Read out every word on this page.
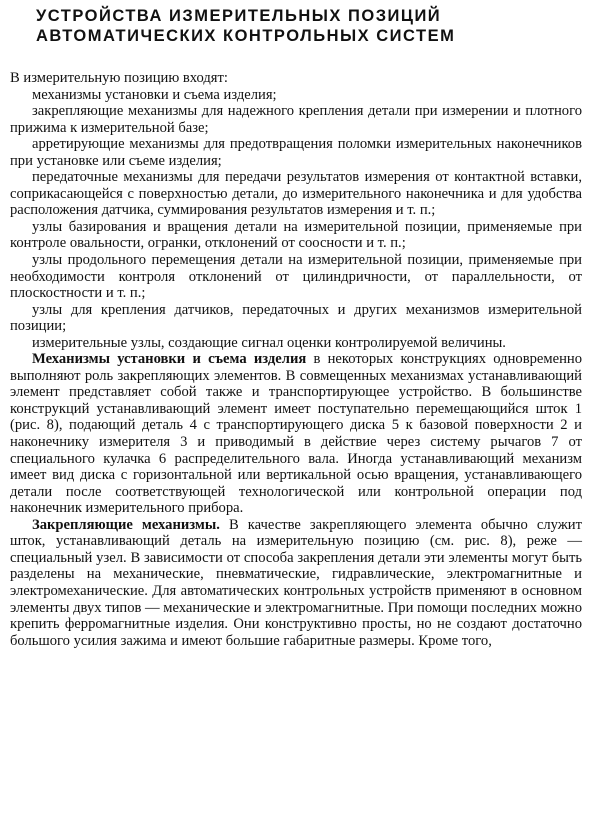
УСТРОЙСТВА ИЗМЕРИТЕЛЬНЫХ ПОЗИЦИЙ
АВТОМАТИЧЕСКИХ КОНТРОЛЬНЫХ СИСТЕМ

В измерительную позицию входят:

механизмы установки и съема изделия;

закрепляющие механизмы для надежного крепления детали при измерении и плотного прижима к измерительной базе;

арретирующие механизмы для предотвращения поломки измерительных наконечников при установке или съеме изделия;

передаточные механизмы для передачи результатов измерения от контактной вставки, соприкасающейся с поверхностью детали, до измерительного наконечника и для удобства расположения датчика, суммирования результатов измерения и т. п.;

узлы базирования и вращения детали на измерительной позиции, применяемые при контроле овальности, огранки, отклонений от соосности и т. п.;

узлы продольного перемещения детали на измерительной позиции, применяемые при необходимости контроля отклонений от цилиндричности, от параллельности, от плоскостности и т. п.;

узлы для крепления датчиков, передаточных и других механизмов измерительной позиции;

измерительные узлы, создающие сигнал оценки контролируемой величины.

Механизмы установки и съема изделия в некоторых конструкциях одновременно выполняют роль закрепляющих элементов. В совмещенных механизмах устанавливающий элемент представляет собой также и транспортирующее устройство. В большинстве конструкций устанавливающий элемент имеет поступательно перемещающийся шток 1 (рис. 8), подающий деталь 4 с транспортирующего диска 5 к базовой поверхности 2 и наконечнику измерителя 3 и приводимый в действие через систему рычагов 7 от специального кулачка 6 распределительного вала. Иногда устанавливающий механизм имеет вид диска с горизонтальной или вертикальной осью вращения, устанавливающего детали после соответствующей технологической или контрольной операции под наконечник измерительного прибора.

Закрепляющие механизмы. В качестве закрепляющего элемента обычно служит шток, устанавливающий деталь на измерительную позицию (см. рис. 8), реже — специальный узел. В зависимости от способа закрепления детали эти элементы могут быть разделены на механические, пневматические, гидравлические, электромагнитные и электромеханические. Для автоматических контрольных устройств применяют в основном элементы двух типов — механические и электромагнитные. При помощи последних можно крепить ферромагнитные изделия. Они конструктивно просты, но не создают достаточно большого усилия зажима и имеют большие габаритные размеры. Кроме того,
